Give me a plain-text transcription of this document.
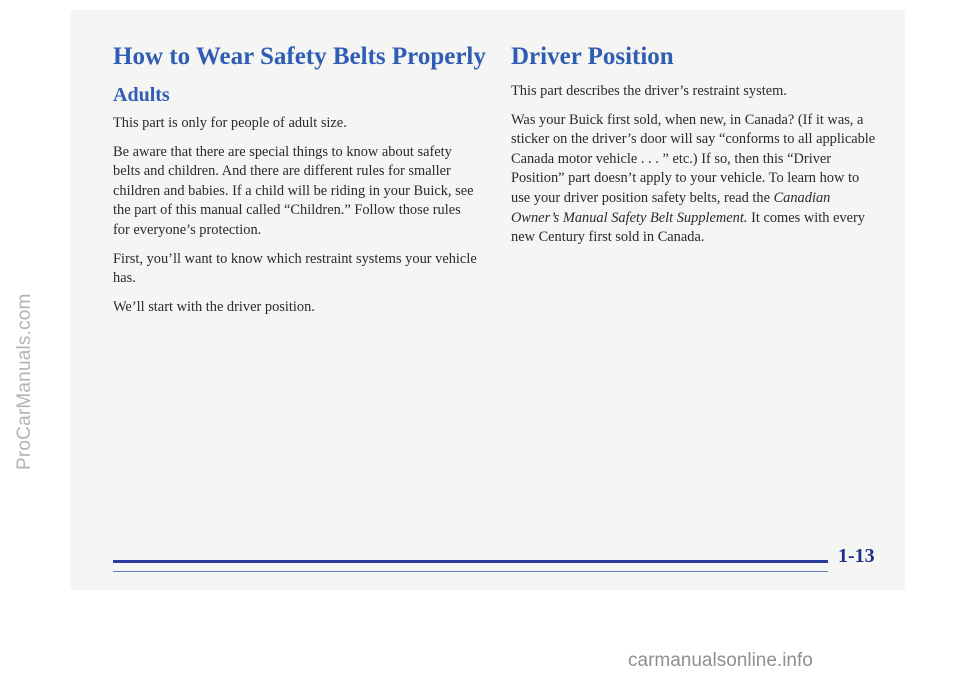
ProCarManuals.com
How to Wear Safety Belts Properly
Adults

This part is only for people of adult size.

Be aware that there are special things to know about safety belts and children. And there are different rules for smaller children and babies. If a child will be riding in your Buick, see the part of this manual called “Children.” Follow those rules for everyone’s protection.

First, you’ll want to know which restraint systems your vehicle has.

We’ll start with the driver position.

Driver Position

This part describes the driver’s restraint system.

Was your Buick first sold, when new, in Canada? (If it was, a sticker on the driver’s door will say “conforms to all applicable Canada motor vehicle . . . ” etc.) If so, then this “Driver Position” part doesn’t apply to your vehicle. To learn how to use your driver position safety belts, read the Canadian Owner’s Manual Safety Belt Supplement. It comes with every new Century first sold in Canada.

1-13
carmanualsonline.info
